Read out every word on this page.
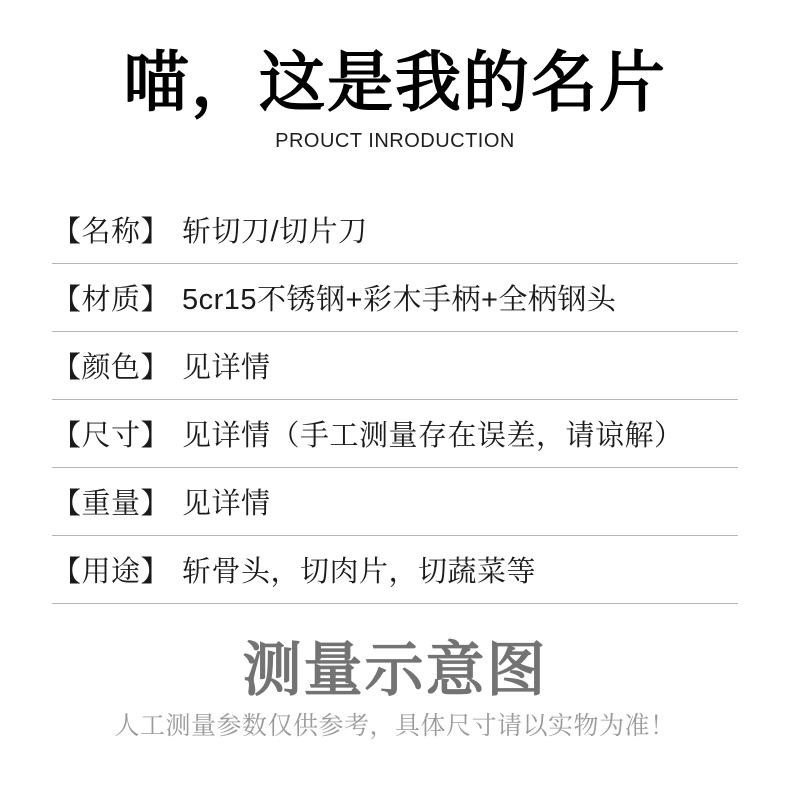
喵，这是我的名片
PROUCT INRODUCTION
【名称】 斩切刀/切片刀
【材质】 5cr15不锈钢+彩木手柄+全柄钢头
【颜色】 见详情
【尺寸】 见详情（手工测量存在误差，请谅解）
【重量】 见详情
【用途】 斩骨头，切肉片，切蔬菜等
测量示意图
人工测量参数仅供参考，具体尺寸请以实物为准！
